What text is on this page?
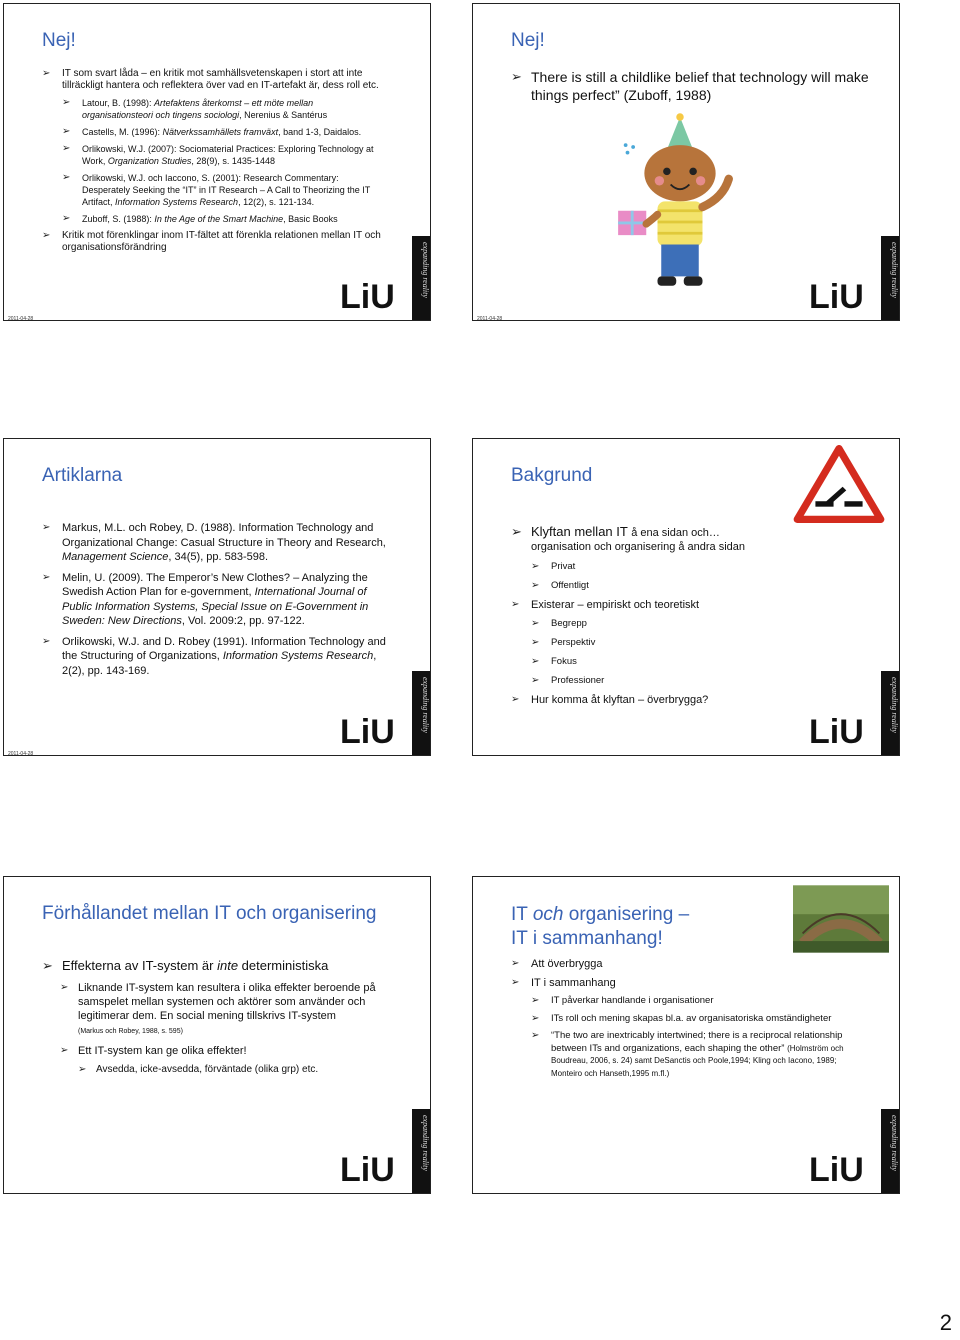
Nej!
➢ IT som svart låda – en kritik mot samhällsvetenskapen i stort att inte tillräckligt hantera och reflektera över vad en IT-artefakt är, dess roll etc.
➢ Latour, B. (1998): Artefaktens återkomst – ett möte mellan organisationsteori och tingens sociologi, Nerenius & Santérus
➢ Castells, M. (1996): Nätverkssamhällets framväxt, band 1-3, Daidalos.
➢ Orlikowski, W.J. (2007): Sociomaterial Practices: Exploring Technology at Work, Organization Studies, 28(9), s. 1435-1448
➢ Orlikowski, W.J. och Iaccono, S. (2001): Research Commentary: Desperately Seeking the “IT” in IT Research – A Call to Theorizing the IT Artifact, Information Systems Research, 12(2), s. 121-134.
➢ Zuboff, S. (1988): In the Age of the Smart Machine, Basic Books
➢ Kritik mot förenklingar inom IT-fältet att förenkla relationen mellan IT och organisationsförändring
2011-04-28
expanding reality
LiU
Nej!
➢ There is still a childlike belief that technology will make things perfect” (Zuboff, 1988)
2011-04-28
expanding reality
LiU
Artiklarna
➢ Markus, M.L. och Robey, D. (1988). Information Technology and Organizational Change: Casual Structure in Theory and Research, Management Science, 34(5), pp. 583-598.
➢ Melin, U. (2009). The Emperor’s New Clothes? – Analyzing the Swedish Action Plan for e-government, International Journal of Public Information Systems, Special Issue on E-Government in Sweden: New Directions, Vol. 2009:2, pp. 97-122.
➢ Orlikowski, W.J. and D. Robey (1991). Information Technology and the Structuring of Organizations, Information Systems Research, 2(2), pp. 143-169.
2011-04-28
expanding reality
LiU
Bakgrund
➢ Klyftan mellan IT å ena sidan och…
organisation och organisering å andra sidan
➢ Privat
➢ Offentligt
➢ Existerar – empiriskt och teoretiskt
➢ Begrepp
➢ Perspektiv
➢ Fokus
➢ Professioner
➢ Hur komma åt klyftan – överbrygga?	expanding reality
LiU
Förhållandet mellan IT och organisering
➢ Effekterna av IT-system är inte deterministiska
➢ Liknande IT-system kan resultera i olika effekter beroende på samspelet mellan systemen och aktörer som använder och legitimerar dem. En social mening tillskrivs IT-system
(Markus och Robey, 1988, s. 595)
➢ Ett IT-system kan ge olika effekter!
➢ Avsedda, icke-avsedda, förväntade (olika grp) etc.
expanding reality
LiU
IT och organisering –
IT i sammanhang!
➢ Att överbrygga
➢ IT i sammanhang
➢ IT påverkar handlande i organisationer
➢ ITs roll och mening skapas bl.a. av organisatoriska omständigheter
➢ “The two are inextricably intertwined; there is a reciprocal relationship between ITs and organizations, each shaping the other” (Holmström och Boudreau, 2006, s. 24) samt DeSanctis och Poole,1994; Kling och Iacono, 1989; Monteiro och Hanseth,1995 m.fl.)
expanding reality
LiU
2
